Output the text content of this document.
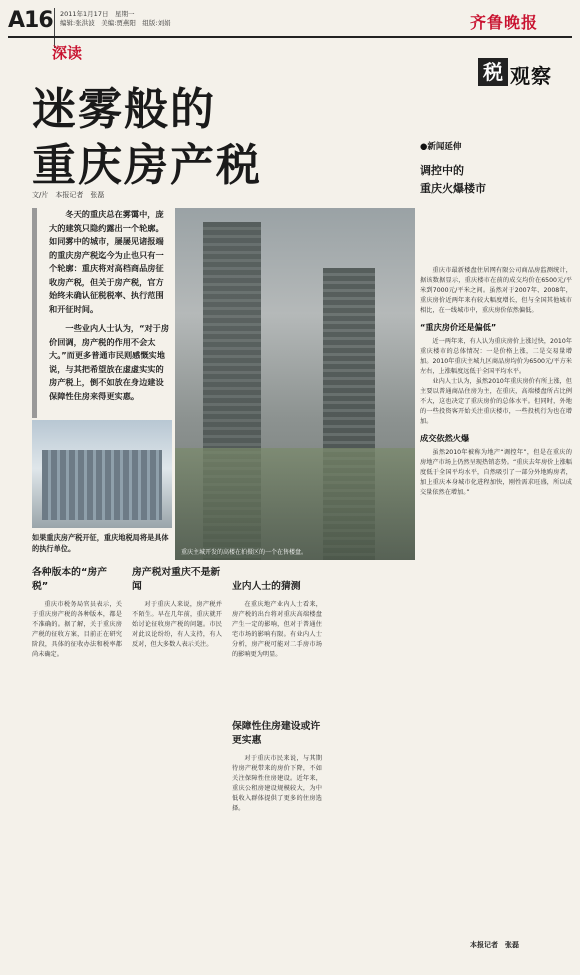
A16 2011年1月17日　星期一
编辑:张洪波　美编:贾燕阳　组版:刘娟	齐鲁晚报
深读
税 观察
迷雾般的
重庆房产税
文/片　本报记者　张磊

冬天的重庆总在雾霭中，庞大的建筑只隐约露出一个轮廓。如同雾中的城市，屡屡见诸报端的重庆房产税迄今为止也只有一个轮廓：重庆将对高档商品房征收房产税，但关于房产税，官方始终未确认征税税率、执行范围和开征时间。

一些业内人士认为，“对于房价回调，房产税的作用不会太大。”而更多普通市民则感慨实地说，与其把希望放在虚虚实实的房产税上，倒不如放在身边建设保障性住房来得更实惠。

重庆主城开发的高楼在拍摄区的一个在售楼盘。
如果重庆房产税开征，重庆地税局将是具体的执行单位。
●新闻延伸
调控中的
重庆火爆楼市

重庆市最新楼盘住居网有限公司商品房监测统计，据该数据显示，重庆楼市在前的成交均价在6500元/平米到7000元/平米之间。虽然对于2007年、2008年，重庆房价近两年来有较大幅度增长，但与全国其他城市相比，在一线城市中，重庆房价依然偏低。

“重庆房价还是偏低”

近一两年来，有人认为重庆房价上涨过快，2010年重庆楼市的总体情况：一是价格上涨，二是交易量增加。2010年重庆主城九区商品房均价为6500元/平方米左右，上涨幅度远低于全国平均水平。

业内人士认为，虽然2010年重庆房价有所上涨，但主要以普通商品住房为主，在重庆，高端楼盘所占比例不大，这也决定了重庆房价的总体水平。但同时，外地的一些投资客开始关注重庆楼市，一些投机行为也在增加。

成交依然火爆

虽然2010年被称为地产“调控年”，但是在重庆的房地产市场上仍然呈现热销态势。“重庆去年房价上涨幅度低于全国平均水平，自然吸引了一部分外地购房者，加上重庆本身城市化进程加快，刚性需求旺盛，所以成交量依然在增加。”

各种版本的“房产税”

重庆市税务局官员表示，关于重庆房产税的各种版本，都是不准确的。据了解，关于重庆房产税的征收方案，目前正在研究阶段，具体的征收办法和税率都尚未确定。

房产税对重庆不是新闻

对于重庆人来说，房产税并不陌生。早在几年前，重庆就开始讨论征收房产税的问题。市民对此议论纷纷，有人支持，有人反对，但大多数人表示关注。

业内人士的猜测

在重庆地产业内人士看来，房产税的出台将对重庆高端楼盘产生一定的影响，但对于普通住宅市场的影响有限。有业内人士分析，房产税可能对二手房市场的影响更为明显。

保障性住房建设或许更实惠

对于重庆市民来说，与其期待房产税带来的房价下降，不如关注保障性住房建设。近年来，重庆公租房建设规模较大，为中低收入群体提供了更多的住房选择。

本报记者　张磊
